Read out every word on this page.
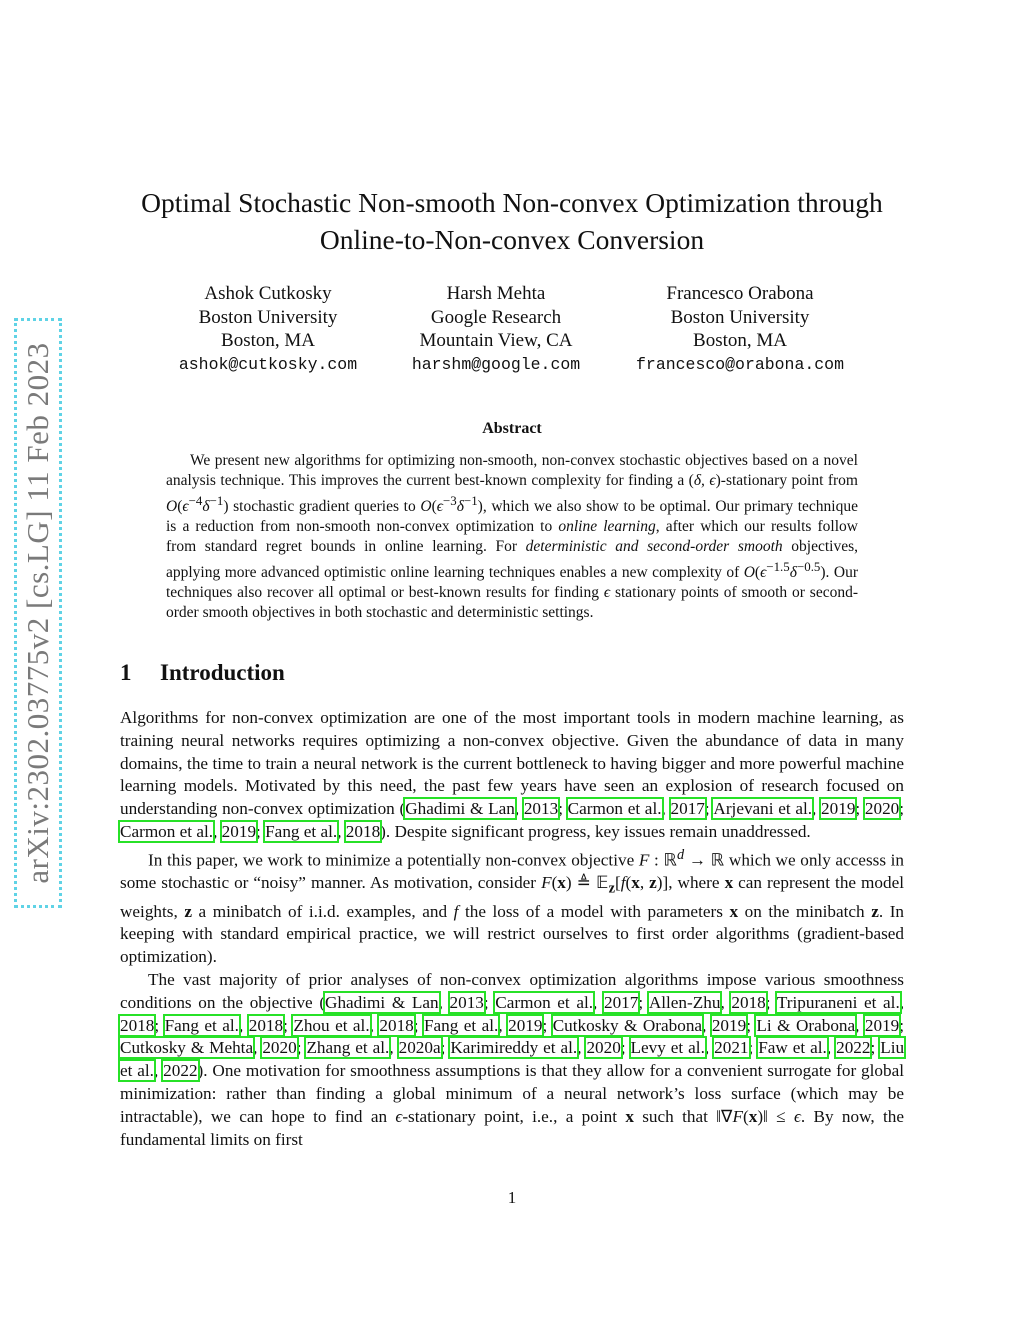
arXiv:2302.03775v2 [cs.LG] 11 Feb 2023
Optimal Stochastic Non-smooth Non-convex Optimization through
Online-to-Non-convex Conversion
Ashok Cutkosky
Boston University
Boston, MA
ashok@cutkosky.com
Harsh Mehta
Google Research
Mountain View, CA
harshm@google.com
Francesco Orabona
Boston University
Boston, MA
francesco@orabona.com
Abstract
We present new algorithms for optimizing non-smooth, non-convex stochastic objectives based on a novel analysis technique. This improves the current best-known complexity for finding a (δ, ϵ)-stationary point from $O(\epsilon^{-4}\delta^{-1})$ stochastic gradient queries to $O(\epsilon^{-3}\delta^{-1})$, which we also show to be optimal. Our primary technique is a reduction from non-smooth non-convex optimization to online learning, after which our results follow from standard regret bounds in online learning. For deterministic and second-order smooth objectives, applying more advanced optimistic online learning techniques enables a new complexity of $O(\epsilon^{-1.5}\delta^{-0.5})$. Our techniques also recover all optimal or best-known results for finding ϵ stationary points of smooth or second-order smooth objectives in both stochastic and deterministic settings.
1 Introduction

Algorithms for non-convex optimization are one of the most important tools in modern machine learning, as training neural networks requires optimizing a non-convex objective. Given the abundance of data in many domains, the time to train a neural network is the current bottleneck to having bigger and more powerful machine learning models. Motivated by this need, the past few years have seen an explosion of research focused on understanding non-convex optimization (Ghadimi & Lan, 2013; Carmon et al., 2017; Arjevani et al., 2019; 2020; Carmon et al., 2019; Fang et al., 2018). Despite significant progress, key issues remain unaddressed.

In this paper, we work to minimize a potentially non-convex objective F : ℝ$^d$ → ℝ which we only accesss in some stochastic or “noisy” manner. As motivation, consider F(x) ≜ 𝔼$_z$[f(x, z)], where x can represent the model weights, z a minibatch of i.i.d. examples, and f the loss of a model with parameters x on the minibatch z. In keeping with standard empirical practice, we will restrict ourselves to first order algorithms (gradient-based optimization).

The vast majority of prior analyses of non-convex optimization algorithms impose various smoothness conditions on the objective (Ghadimi & Lan, 2013; Carmon et al., 2017; Allen-Zhu, 2018; Tripuraneni et al., 2018; Fang et al., 2018; Zhou et al., 2018; Fang et al., 2019; Cutkosky & Orabona, 2019; Li & Orabona, 2019; Cutkosky & Mehta, 2020; Zhang et al., 2020a; Karimireddy et al., 2020; Levy et al., 2021; Faw et al., 2022; Liu et al., 2022). One motivation for smoothness assumptions is that they allow for a convenient surrogate for global minimization: rather than finding a global minimum of a neural network’s loss surface (which may be intractable), we can hope to find an ϵ-stationary point, i.e., a point x such that ‖∇F(x)‖ ≤ ϵ. By now, the fundamental limits on first

1
